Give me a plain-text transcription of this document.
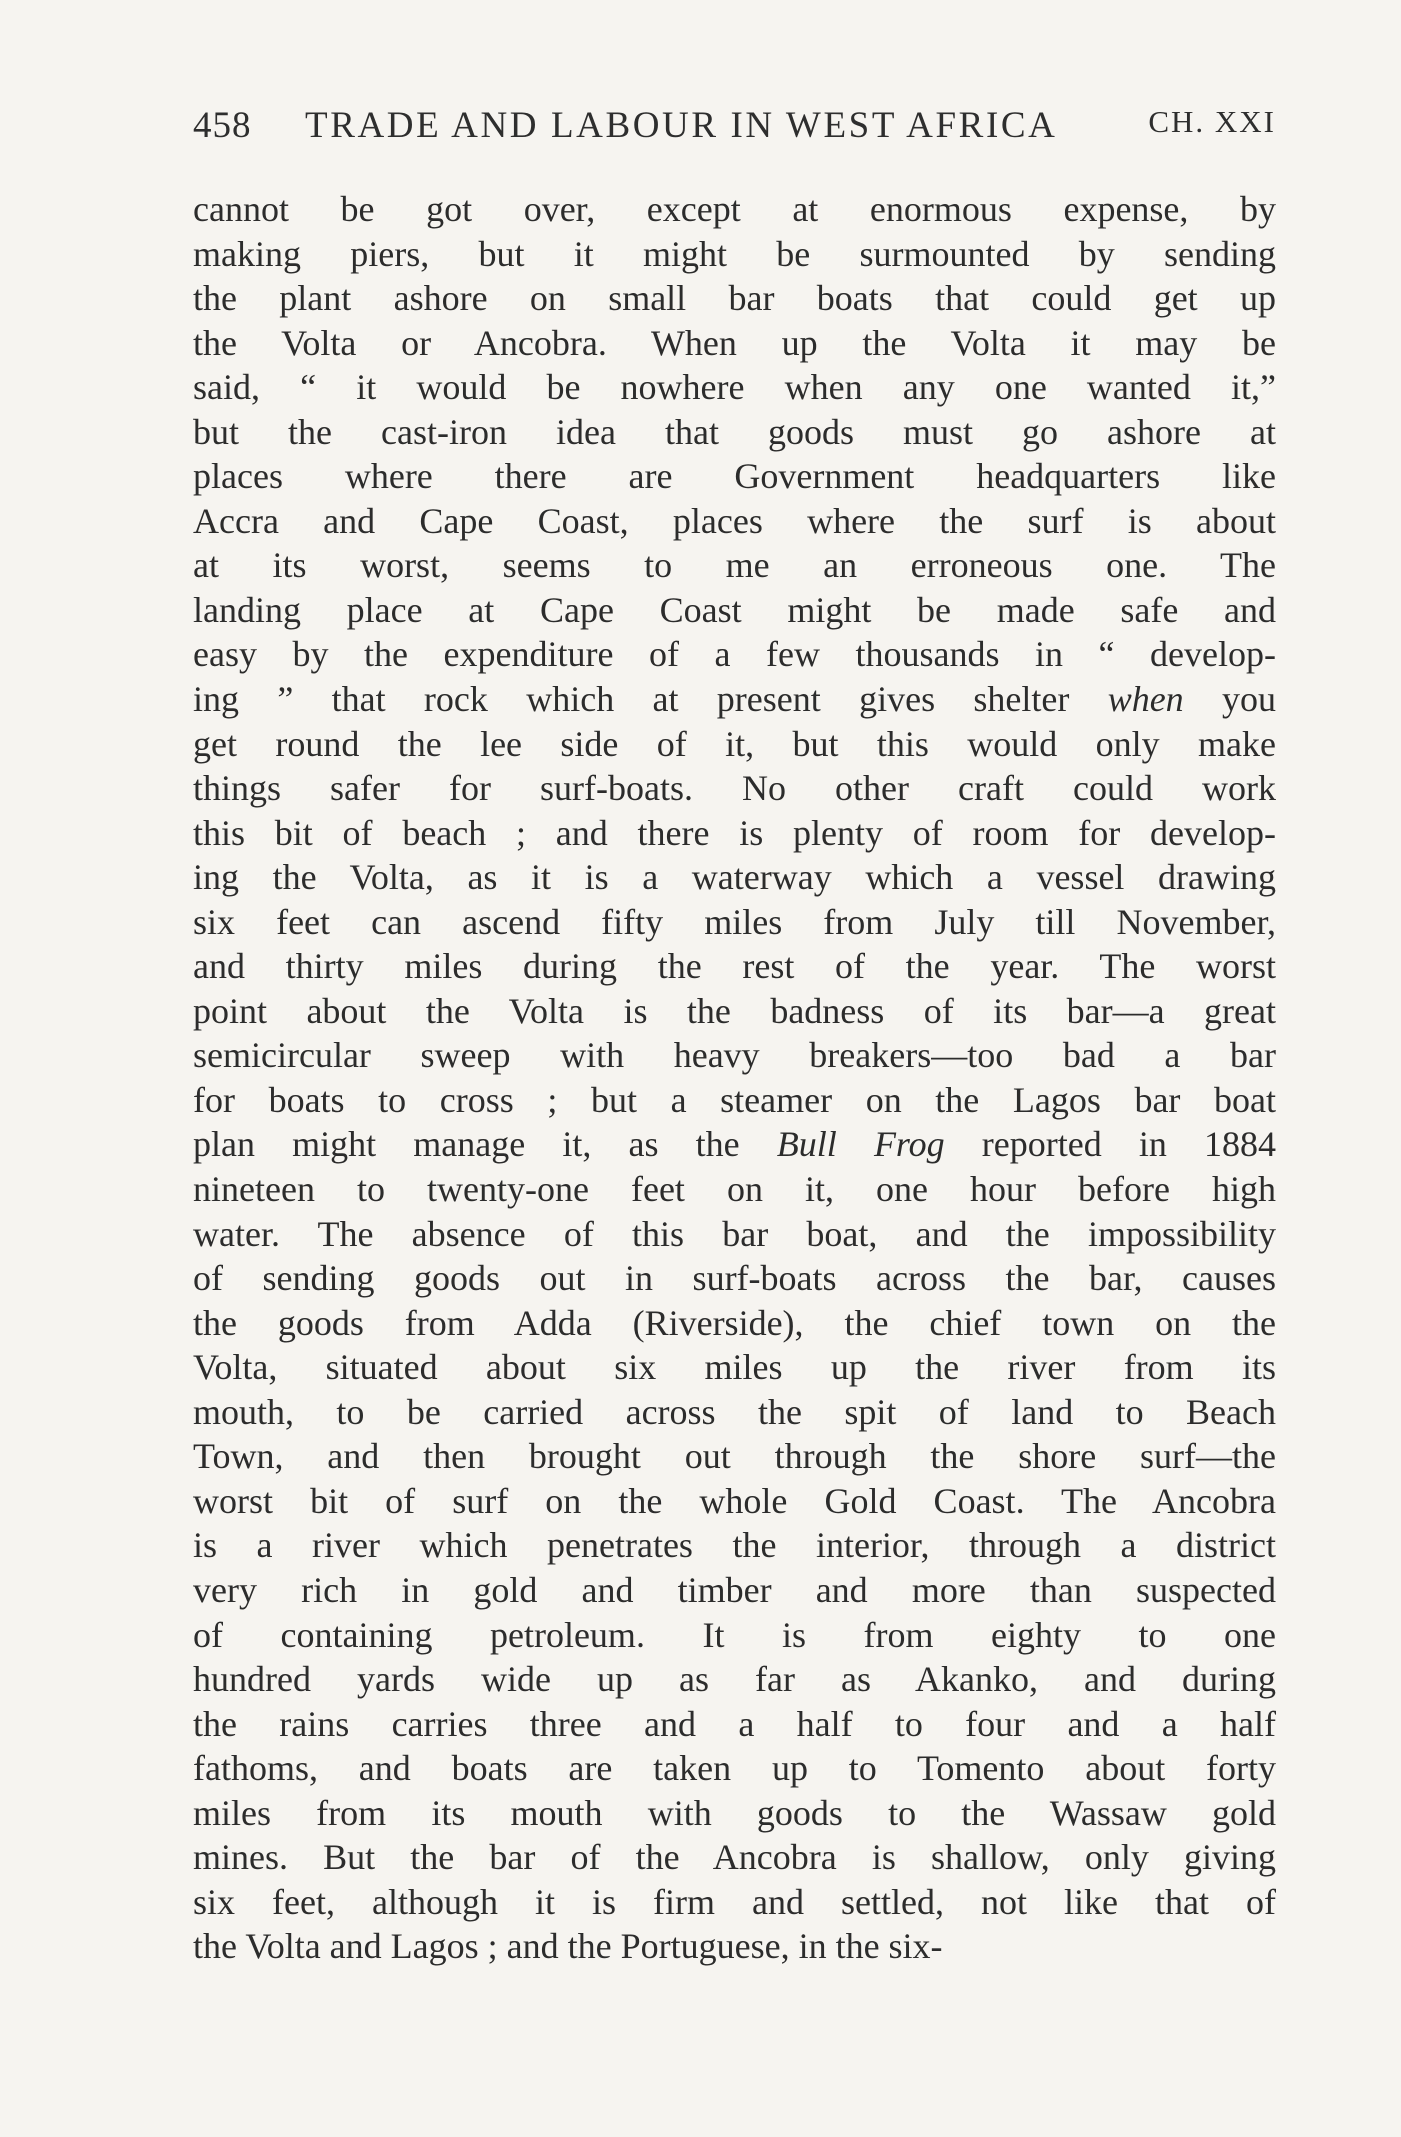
458 TRADE AND LABOUR IN WEST AFRICA	CH. XXI
cannot be got over, except at enormous expense, by
making piers, but it might be surmounted by sending
the plant ashore on small bar boats that could get up
the Volta or Ancobra. When up the Volta it may be
said, “ it would be nowhere when any one wanted it,”
but the cast-iron idea that goods must go ashore at
places where there are Government headquarters like
Accra and Cape Coast, places where the surf is about
at its worst, seems to me an erroneous one. The
landing place at Cape Coast might be made safe and
easy by the expenditure of a few thousands in “ develop-
ing ” that rock which at present gives shelter when you
get round the lee side of it, but this would only make
things safer for surf-boats. No other craft could work
this bit of beach ; and there is plenty of room for develop-
ing the Volta, as it is a waterway which a vessel drawing
six feet can ascend fifty miles from July till November,
and thirty miles during the rest of the year. The worst
point about the Volta is the badness of its bar—a great
semicircular sweep with heavy breakers—too bad a bar
for boats to cross ; but a steamer on the Lagos bar boat
plan might manage it, as the Bull Frog reported in 1884
nineteen to twenty-one feet on it, one hour before high
water. The absence of this bar boat, and the impossibility
of sending goods out in surf-boats across the bar, causes
the goods from Adda (Riverside), the chief town on the
Volta, situated about six miles up the river from its
mouth, to be carried across the spit of land to Beach
Town, and then brought out through the shore surf—the
worst bit of surf on the whole Gold Coast. The Ancobra
is a river which penetrates the interior, through a district
very rich in gold and timber and more than suspected
of containing petroleum. It is from eighty to one
hundred yards wide up as far as Akanko, and during
the rains carries three and a half to four and a half
fathoms, and boats are taken up to Tomento about forty
miles from its mouth with goods to the Wassaw gold
mines. But the bar of the Ancobra is shallow, only giving
six feet, although it is firm and settled, not like that of
the Volta and Lagos ; and the Portuguese, in the six-
